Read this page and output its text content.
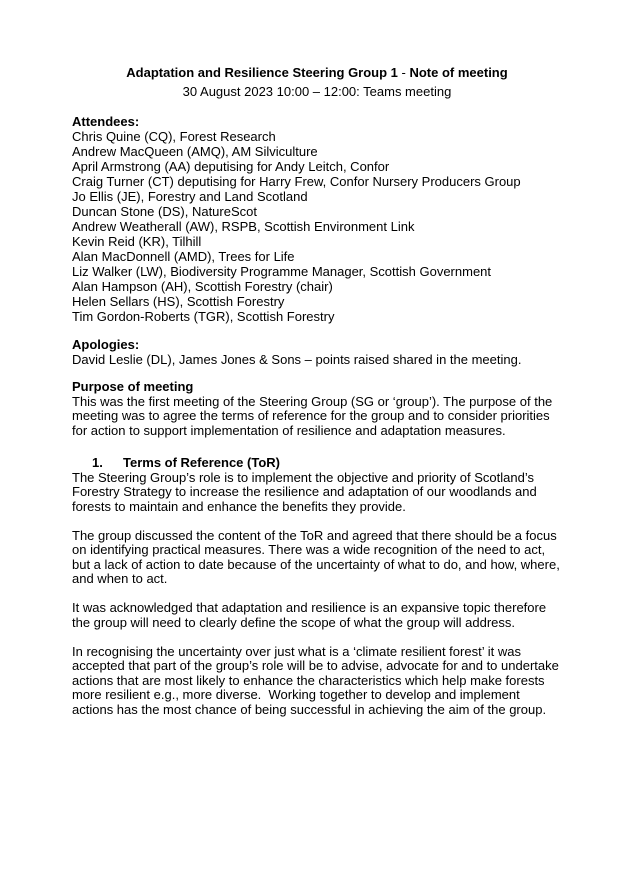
Adaptation and Resilience Steering Group 1 - Note of meeting
30 August 2023 10:00 – 12:00: Teams meeting
Attendees:
Chris Quine (CQ), Forest Research
Andrew MacQueen (AMQ), AM Silviculture
April Armstrong (AA) deputising for Andy Leitch, Confor
Craig Turner (CT) deputising for Harry Frew, Confor Nursery Producers Group
Jo Ellis (JE), Forestry and Land Scotland
Duncan Stone (DS), NatureScot
Andrew Weatherall (AW), RSPB, Scottish Environment Link
Kevin Reid (KR), Tilhill
Alan MacDonnell (AMD), Trees for Life
Liz Walker (LW), Biodiversity Programme Manager, Scottish Government
Alan Hampson (AH), Scottish Forestry (chair)
Helen Sellars (HS), Scottish Forestry
Tim Gordon-Roberts (TGR), Scottish Forestry
Apologies:
David Leslie (DL), James Jones & Sons – points raised shared in the meeting.
Purpose of meeting

This was the first meeting of the Steering Group (SG or ‘group’). The purpose of the meeting was to agree the terms of reference for the group and to consider priorities for action to support implementation of resilience and adaptation measures.

1. Terms of Reference (ToR)

The Steering Group’s role is to implement the objective and priority of Scotland’s Forestry Strategy to increase the resilience and adaptation of our woodlands and forests to maintain and enhance the benefits they provide.

The group discussed the content of the ToR and agreed that there should be a focus on identifying practical measures. There was a wide recognition of the need to act, but a lack of action to date because of the uncertainty of what to do, and how, where, and when to act.

It was acknowledged that adaptation and resilience is an expansive topic therefore the group will need to clearly define the scope of what the group will address.

In recognising the uncertainty over just what is a ‘climate resilient forest’ it was accepted that part of the group’s role will be to advise, advocate for and to undertake actions that are most likely to enhance the characteristics which help make forests more resilient e.g., more diverse.  Working together to develop and implement actions has the most chance of being successful in achieving the aim of the group.
